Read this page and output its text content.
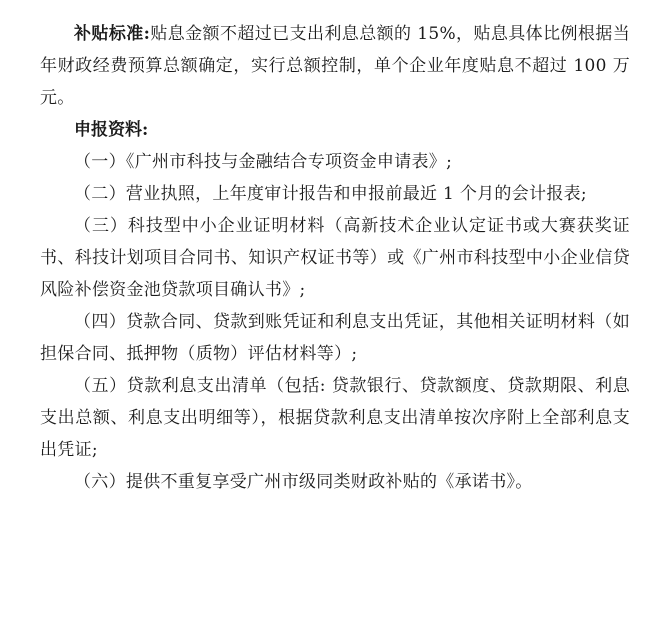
补贴标准:贴息金额不超过已支出利息总额的 15%，贴息具体比例根据当年财政经费预算总额确定，实行总额控制，单个企业年度贴息不超过 100 万元。

申报资料:

（一）《广州市科技与金融结合专项资金申请表》;

（二）营业执照，上年度审计报告和申报前最近 1 个月的会计报表;

（三）科技型中小企业证明材料（高新技术企业认定证书或大赛获奖证书、科技计划项目合同书、知识产权证书等）或《广州市科技型中小企业信贷风险补偿资金池贷款项目确认书》;

（四）贷款合同、贷款到账凭证和利息支出凭证，其他相关证明材料（如担保合同、抵押物（质物）评估材料等）;

（五）贷款利息支出清单（包括: 贷款银行、贷款额度、贷款期限、利息支出总额、利息支出明细等），根据贷款利息支出清单按次序附上全部利息支出凭证;

（六）提供不重复享受广州市级同类财政补贴的《承诺书》。
